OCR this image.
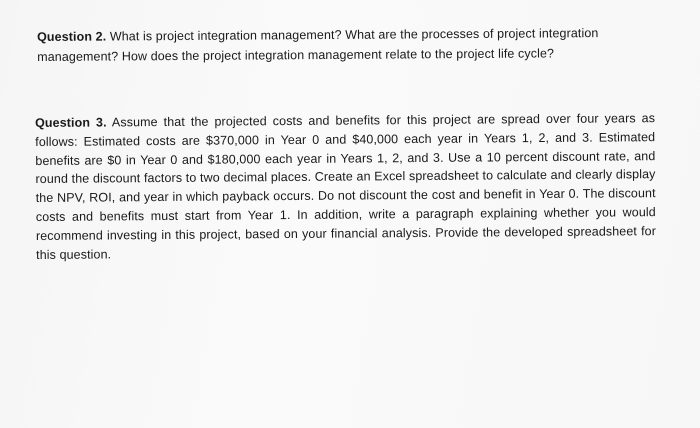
Question 2. What is project integration management? What are the processes of project integration management? How does the project integration management relate to the project life cycle?

Question 3. Assume that the projected costs and benefits for this project are spread over four years as follows: Estimated costs are $370,000 in Year 0 and $40,000 each year in Years 1, 2, and 3. Estimated benefits are $0 in Year 0 and $180,000 each year in Years 1, 2, and 3. Use a 10 percent discount rate, and round the discount factors to two decimal places. Create an Excel spreadsheet to calculate and clearly display the NPV, ROI, and year in which payback occurs. Do not discount the cost and benefit in Year 0. The discount costs and benefits must start from Year 1. In addition, write a paragraph explaining whether you would recommend investing in this project, based on your financial analysis. Provide the developed spreadsheet for this question.
